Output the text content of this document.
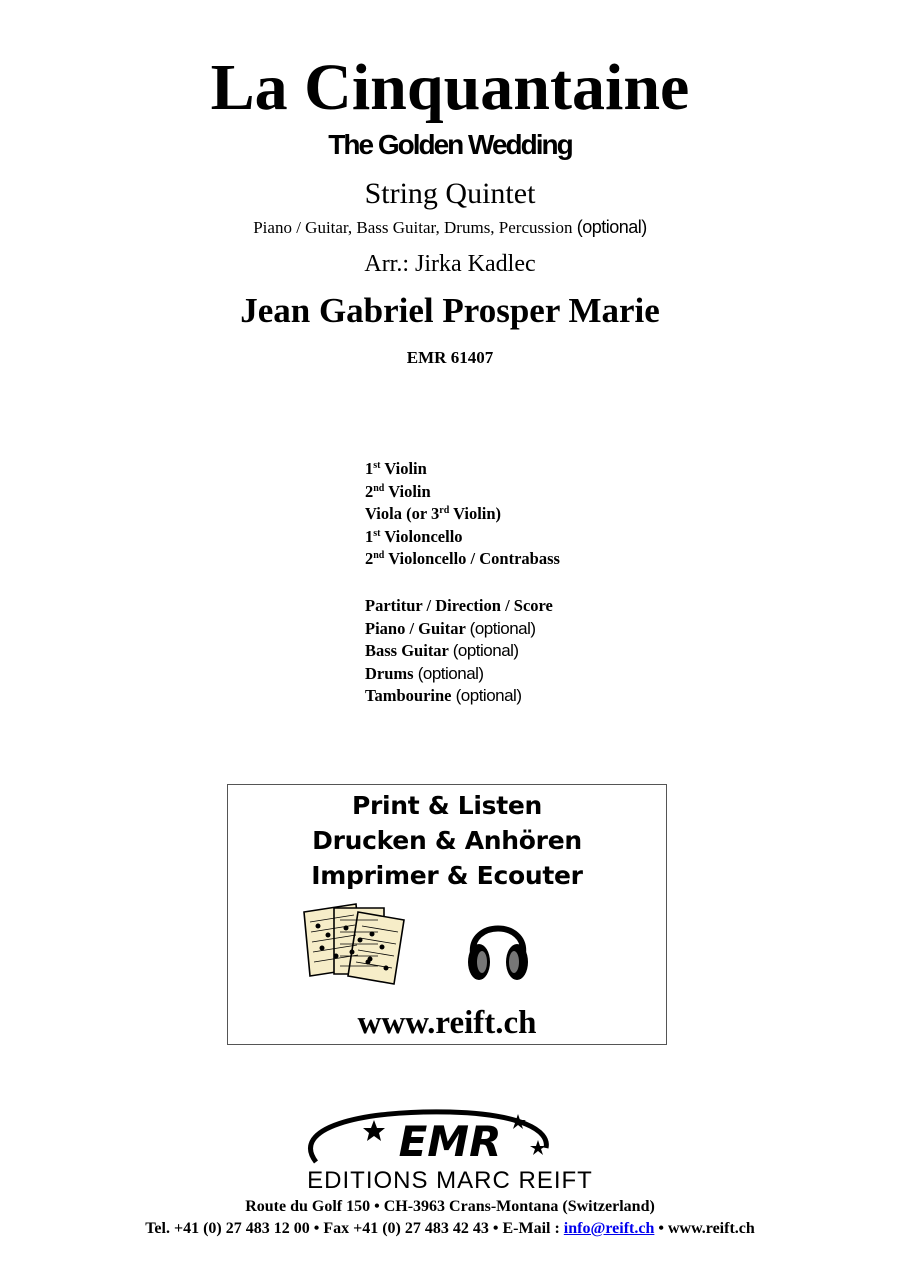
La Cinquantaine
The Golden Wedding
String Quintet
Piano / Guitar, Bass Guitar, Drums, Percussion (optional)
Arr.: Jirka Kadlec
Jean Gabriel Prosper Marie
EMR 61407
1st Violin
2nd Violin
Viola (or 3rd Violin)
1st Violoncello
2nd Violoncello / Contrabass
Partitur / Direction / Score
Piano / Guitar (optional)
Bass Guitar (optional)
Drums (optional)
Tambourine (optional)
Print & Listen
Drucken & Anhören
Imprimer & Ecouter
www.reift.ch
EMR
EDITIONS MARC REIFT
Route du Golf 150 • CH-3963 Crans-Montana (Switzerland)
Tel. +41 (0) 27 483 12 00 • Fax +41 (0) 27 483 42 43 • E-Mail : info@reift.ch • www.reift.ch
